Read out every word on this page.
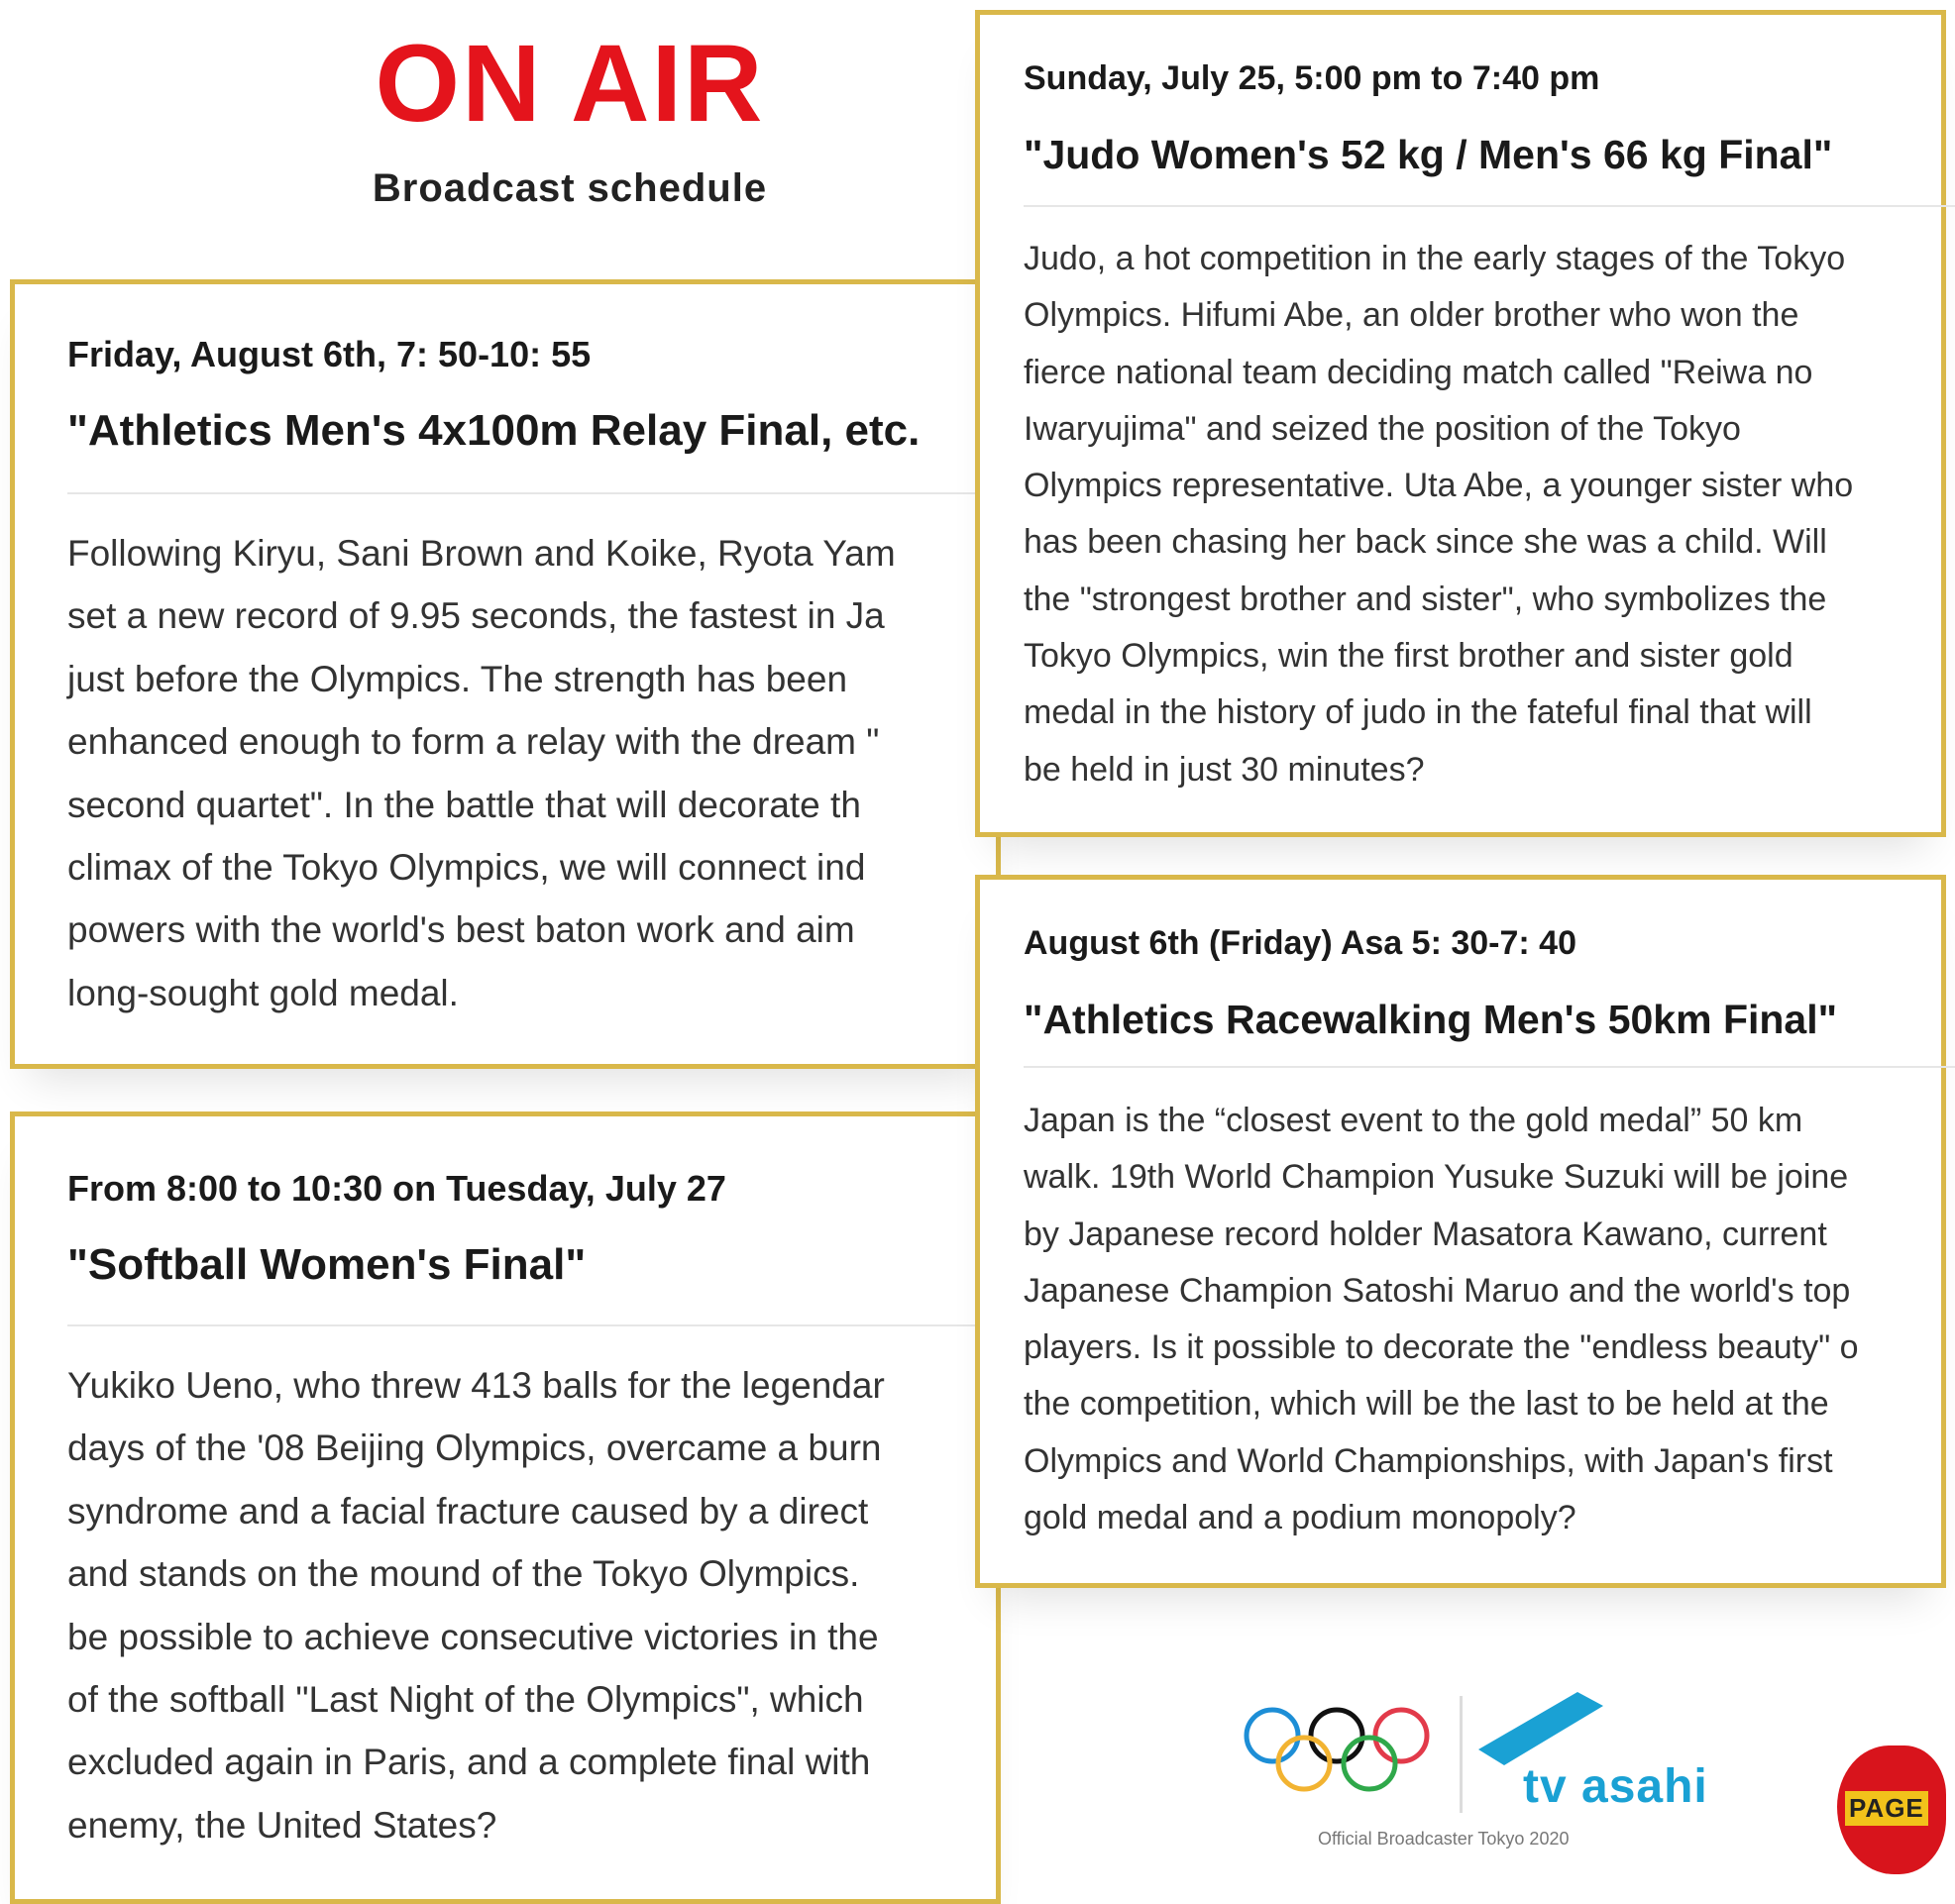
ON AIR
Broadcast schedule
Friday, August 6th, 7: 50-10: 55
"Athletics Men's 4x100m Relay Final, etc.
Following Kiryu, Sani Brown and Koike, Ryota Yam
set a new record of 9.95 seconds, the fastest in Ja
just before the Olympics. The strength has been
enhanced enough to form a relay with the dream "
second quartet". In the battle that will decorate th
climax of the Tokyo Olympics, we will connect ind
powers with the world's best baton work and aim
long-sought gold medal.
From 8:00 to 10:30 on Tuesday, July 27
"Softball Women's Final"
Yukiko Ueno, who threw 413 balls for the legendar
days of the '08 Beijing Olympics, overcame a burn
syndrome and a facial fracture caused by a direct
and stands on the mound of the Tokyo Olympics.
be possible to achieve consecutive victories in the
of the softball "Last Night of the Olympics", which
excluded again in Paris, and a complete final with
enemy, the United States?
Sunday, July 25, 5:00 pm to 7:40 pm
"Judo Women's 52 kg / Men's 66 kg Final"
Judo, a hot competition in the early stages of the Tokyo
Olympics. Hifumi Abe, an older brother who won the
fierce national team deciding match called "Reiwa no
Iwaryujima" and seized the position of the Tokyo
Olympics representative. Uta Abe, a younger sister who
has been chasing her back since she was a child. Will
the "strongest brother and sister", who symbolizes the
Tokyo Olympics, win the first brother and sister gold
medal in the history of judo in the fateful final that will
be held in just 30 minutes?
August 6th (Friday) Asa 5: 30-7: 40
"Athletics Racewalking Men's 50km Final"
Japan is the “closest event to the gold medal” 50 km
walk. 19th World Champion Yusuke Suzuki will be joine
by Japanese record holder Masatora Kawano, current
Japanese Champion Satoshi Maruo and the world's top
players. Is it possible to decorate the "endless beauty" o
the competition, which will be the last to be held at the
Olympics and World Championships, with Japan's first
gold medal and a podium monopoly?
tv asahi
Official Broadcaster Tokyo 2020
PAGE
